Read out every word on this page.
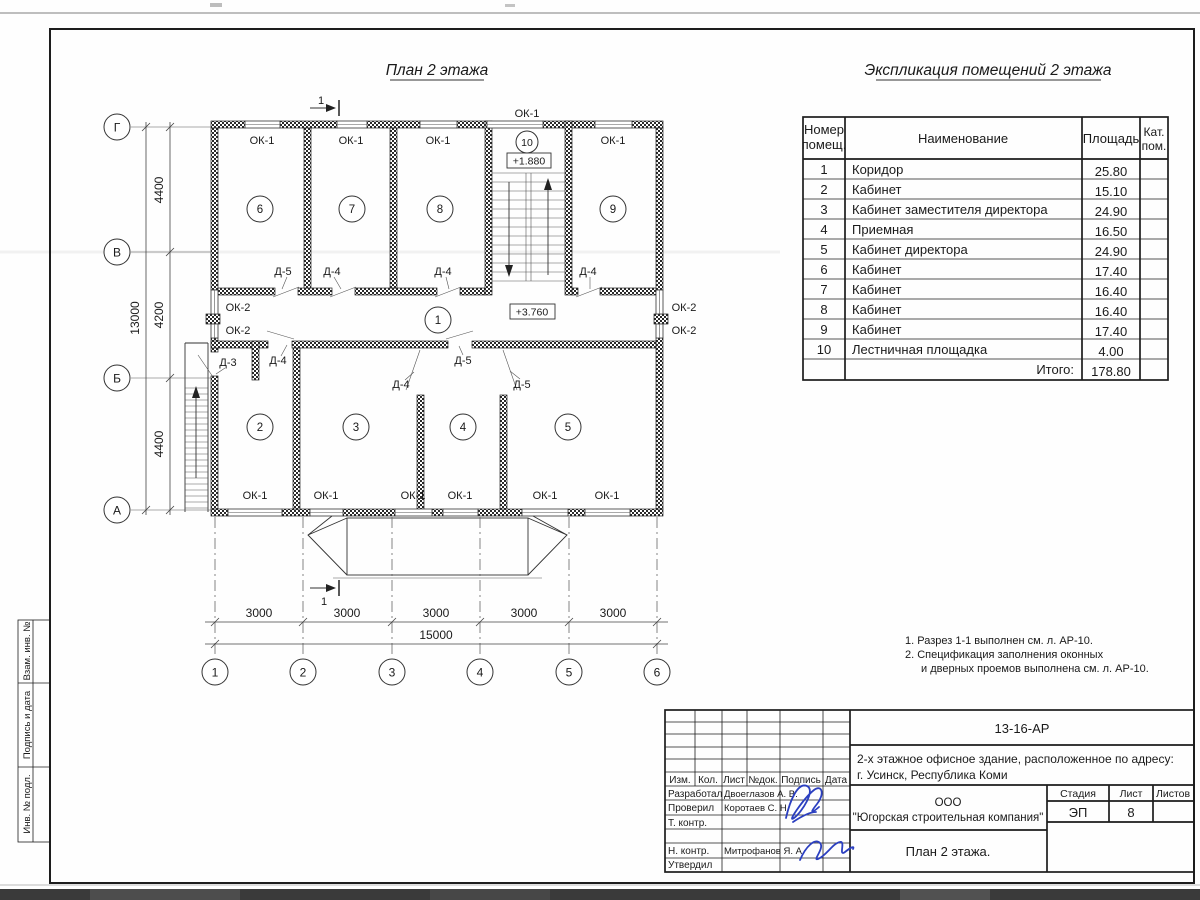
Взам. инв. №
Подпись и дата
Инв. № подл.
План 2 этажа
1
1
ОК-1
ОК-1	ОК-1	ОК-1	ОК-1
ОК-1	ОК-1	ОК-1 ОК-1	ОК-1	ОК-1
ОК-2
ОК-2
ОК-2
ОК-2
Д-5	Д-4	Д-4	Д-4
Д-3	Д-4
Д-4
Д-5
Д-5
1
2	3	4	5
6	7	8	9
10
+1.880
+3.760
Г
В
Б
А
1	2	3	4	5	6
4400
4200
4400
13000
3000	3000	3000	3000	3000
15000
Экспликация помещений 2 этажа
Номер
помещ.	Наименование	Площадь Кат.
пом.
1 Коридор	25.80
2 Кабинет	15.10
3 Кабинет заместителя директора	24.90
4 Приемная	16.50
5 Кабинет директора	24.90
6 Кабинет	17.40
7 Кабинет	16.40
8 Кабинет	16.40
9 Кабинет	17.40
10 Лестничная площадка	4.00
Итого: 178.80
1. Разрез 1-1 выполнен см. л. АР-10.
2. Спецификация заполнения оконных
и дверных проемов выполнена см. л. АР-10.
Изм. Кол. Лист №док. Подпись Дата
Разработал Двоеглазов А. В.
Проверил Коротаев С. Н.
Т. контр.
Н. контр. Митрофанов Я. А.
Утвердил
13-16-АР
2-х этажное офисное здание, расположенное по адресу:
г. Усинск, Республика Коми
ООО
"Югорская строительная компания"
План 2 этажа.
Стадия Лист Листов
ЭП	8
